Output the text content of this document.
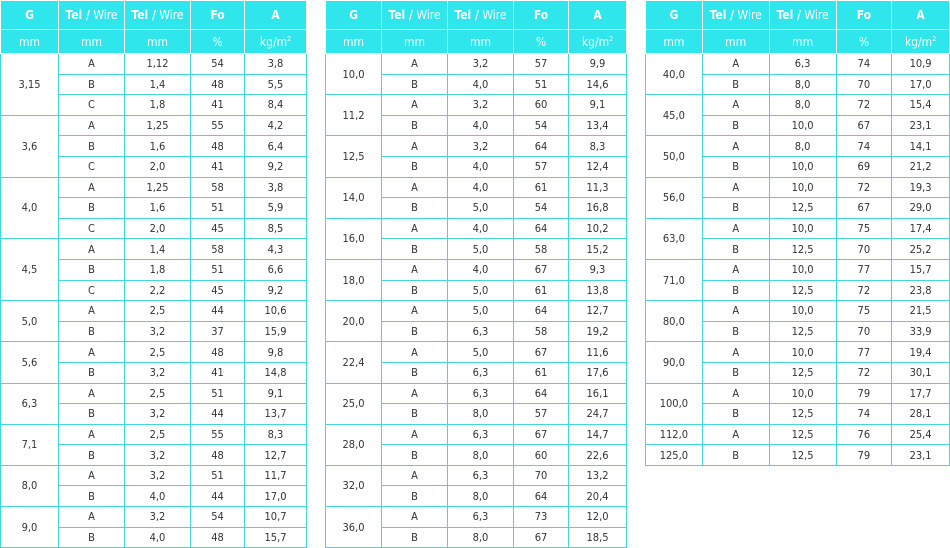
G	Tel / Wire	Tel / Wire	Fo	A
mm	mm	mm	%	$kg/m^2$
3,15	A	1,12	54	3,8
	B	1,4	48	5,5
	C	1,8	41	8,4
3,6	A	1,25	55	4,2
	B	1,6	48	6,4
	C	2,0	41	9,2
4,0	A	1,25	58	3,8
	B	1,6	51	5,9
	C	2,0	45	8,5
4,5	A	1,4	58	4,3
	B	1,8	51	6,6
	C	2,2	45	9,2
5,0	A	2,5	44	10,6
	B	3,2	37	15,9
5,6	A	2,5	48	9,8
	B	3,2	41	14,8
6,3	A	2,5	51	9,1
	B	3,2	44	13,7
7,1	A	2,5	55	8,3
	B	3,2	48	12,7
8,0	A	3,2	51	11,7
	B	4,0	44	17,0
9,0	A	3,2	54	10,7
	B	4,0	48	15,7
G	Tel / Wire	Tel / Wire	Fo	A
mm	mm	mm	%	$kg/m^2$
10,0	A	3,2	57	9,9
	B	4,0	51	14,6
11,2	A	3,2	60	9,1
	B	4,0	54	13,4
12,5	A	3,2	64	8,3
	B	4,0	57	12,4
14,0	A	4,0	61	11,3
	B	5,0	54	16,8
16,0	A	4,0	64	10,2
	B	5,0	58	15,2
18,0	A	4,0	67	9,3
	B	5,0	61	13,8
20,0	A	5,0	64	12,7
	B	6,3	58	19,2
22,4	A	5,0	67	11,6
	B	6,3	61	17,6
25,0	A	6,3	64	16,1
	B	8,0	57	24,7
28,0	A	6,3	67	14,7
	B	8,0	60	22,6
32,0	A	6,3	70	13,2
	B	8,0	64	20,4
36,0	A	6,3	73	12,0
	B	8,0	67	18,5
G	Tel / Wire	Tel / Wire	Fo	A
mm	mm	mm	%	$kg/m^2$
40,0	A	6,3	74	10,9
	B	8,0	70	17,0
45,0	A	8,0	72	15,4
	B	10,0	67	23,1
50,0	A	8,0	74	14,1
	B	10,0	69	21,2
56,0	A	10,0	72	19,3
	B	12,5	67	29,0
63,0	A	10,0	75	17,4
	B	12,5	70	25,2
71,0	A	10,0	77	15,7
	B	12,5	72	23,8
80,0	A	10,0	75	21,5
	B	12,5	70	33,9
90,0	A	10,0	77	19,4
	B	12,5	72	30,1
100,0	A	10,0	79	17,7
	B	12,5	74	28,1
112,0	A	12,5	76	25,4
125,0	B	12,5	79	23,1
